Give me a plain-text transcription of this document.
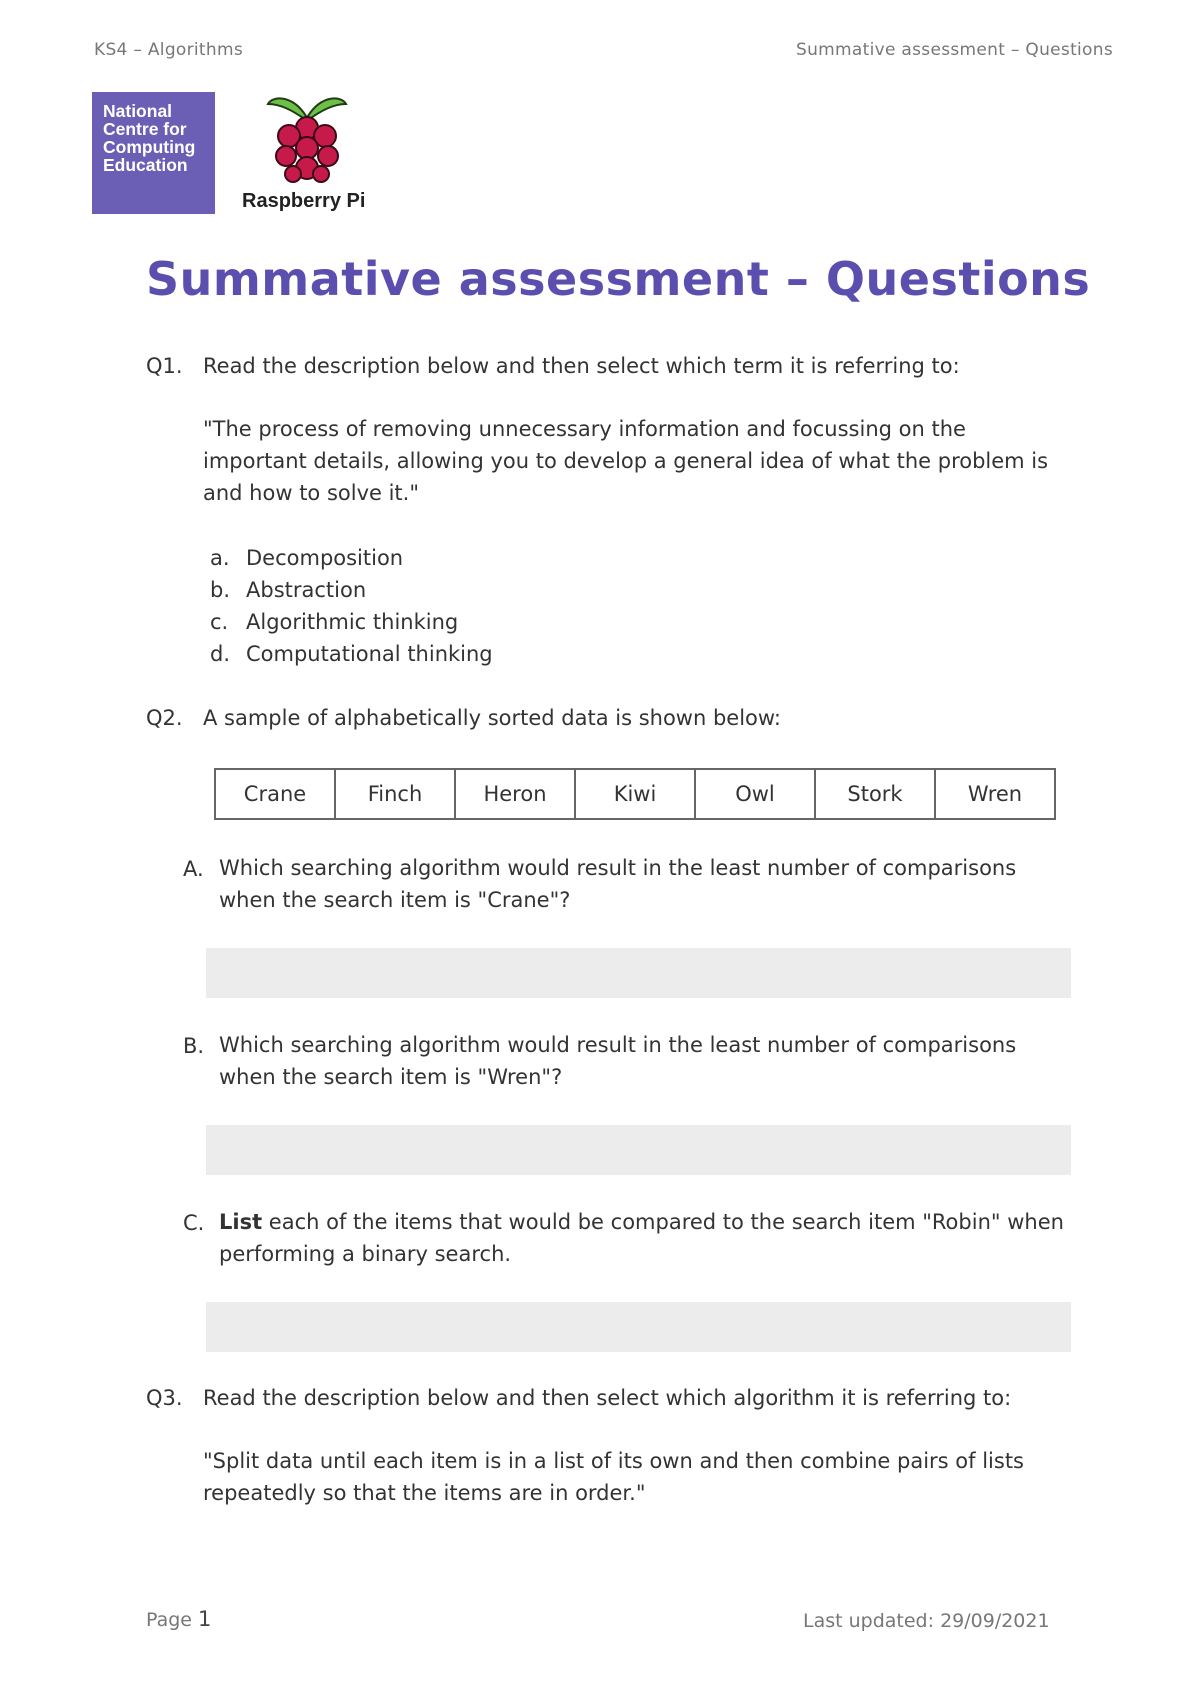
KS4 – Algorithms	Summative assessment – Questions
National
Centre for
Computing
Education
Raspberry Pi
Summative assessment – Questions
Q1. Read the description below and then select which term it is referring to:
"The process of removing unnecessary information and focussing on the important details, allowing you to develop a general idea of what the problem is and how to solve it."
a. Decomposition
b. Abstraction
c. Algorithmic thinking
d. Computational thinking
Q2. A sample of alphabetically sorted data is shown below:
Crane	Finch	Heron	Kiwi	Owl	Stork	Wren
A. Which searching algorithm would result in the least number of comparisons when the search item is "Crane"?
B. Which searching algorithm would result in the least number of comparisons when the search item is "Wren"?
C. List each of the items that would be compared to the search item "Robin" when performing a binary search.
Q3. Read the description below and then select which algorithm it is referring to:
"Split data until each item is in a list of its own and then combine pairs of lists repeatedly so that the items are in order."
Page 1	Last updated: 29/09/2021
